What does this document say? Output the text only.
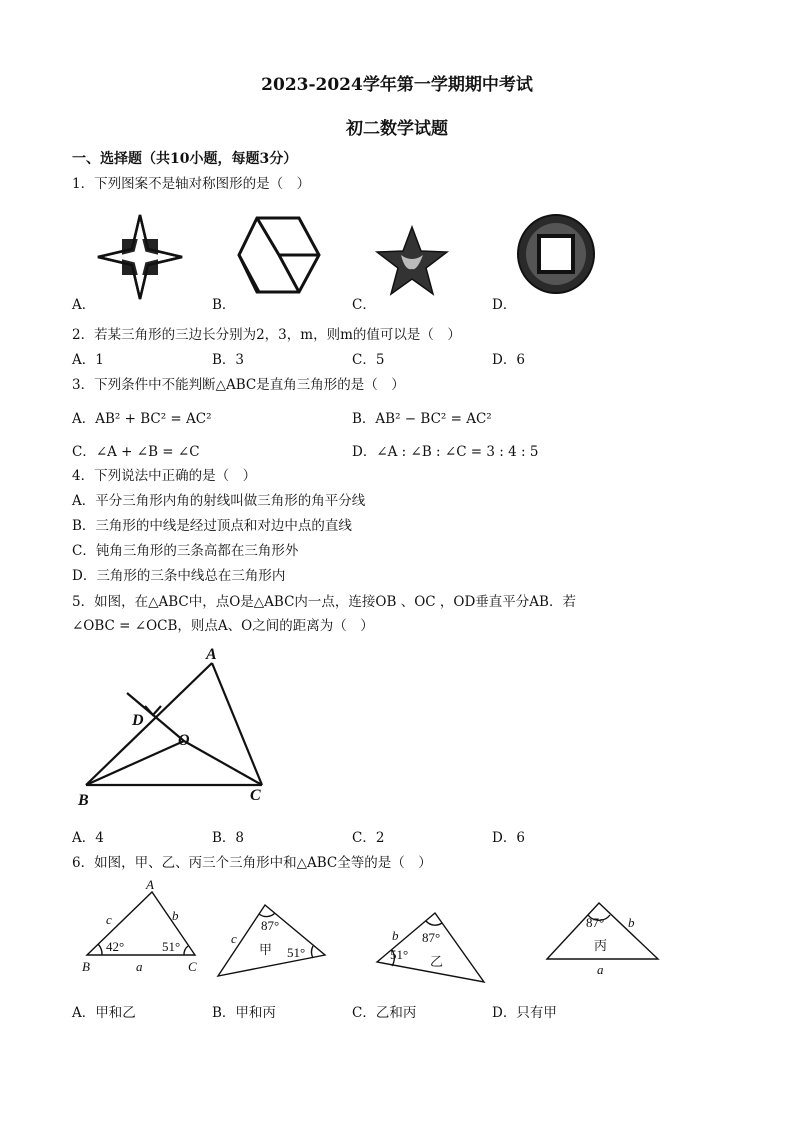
2023-2024学年第一学期期中考试
初二数学试题
一、选择题（共10小题，每题3分）
1．下列图案不是轴对称图形的是（　）
A．	B．	C．	D．
2．若某三角形的三边长分别为2，3，m，则m的值可以是（　）
A．1	B．3	C．5	D．6
3．下列条件中不能判断△ABC是直角三角形的是（　）
A．AB² + BC² = AC²	B．AB² − BC² = AC²
C．∠A + ∠B = ∠C	D．∠A : ∠B : ∠C = 3 : 4 : 5
4．下列说法中正确的是（　）
A．平分三角形内角的射线叫做三角形的角平分线
B．三角形的中线是经过顶点和对边中点的直线
C．钝角三角形的三条高都在三角形外
D．三角形的三条中线总在三角形内
5．如图，在△ABC中，点O是△ABC内一点，连接OB 、OC ，OD垂直平分AB．若
∠OBC = ∠OCB，则点A、O之间的距离为（　）
A
B	C
D
O
A．4	B．8	C．2	D．6
6．如图，甲、乙、丙三个三角形中和△ABC全等的是（　）
A
B	C
a
b
c
42°	51°
c
87°
甲 51°
b 87°
51° 乙
87°
丙
b
a
A．甲和乙	B．甲和丙	C．乙和丙	D．只有甲
